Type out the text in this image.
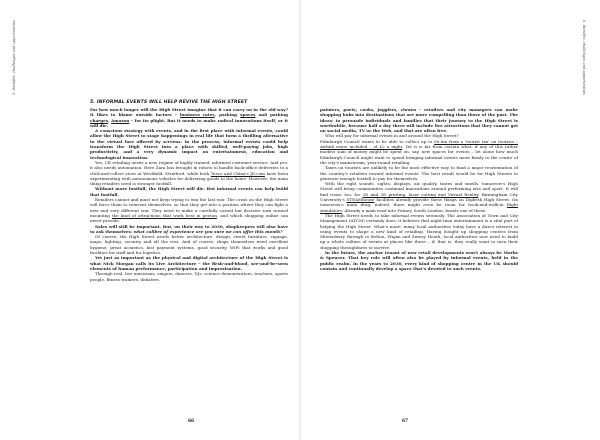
6. Benefits, challenges and opportunities	6. Benefits, challenges and opportunities
5. INFORMAL EVENTS WILL HELP REVIVE THE HIGH STREET

For how much longer will the High Street imagine that it can carry on in the old way? It likes to blame outside factors – business rates, parking spaces and parking charges, Amazon – for its plight. But it needs to make radical innovations itself, or it will die.

A conscious strategy with events, and in the first place with informal events, could allow the High Street to stage happenings in real life that form a thrilling alternative to the virtual fare offered by screens. In the process, informal events could help transform the High Street into a place with skilled, well-paying jobs, high productivity, and a very dynamic impact on entertainment, education and technological innovation.

Yes, UK retailing needs a new regime of highly trained, informed customer service. And yes, it also needs automation. Here Zara has brought in robots to handle back-office deliveries to a click-and-collect store at Westfield, Stratford, while both Tesco and China's JD.com have been experimenting with autonomous vehicles for delivering goods to the home. However, the main thing retailers need is stronger footfall.

Without more footfall, the High Street will die. But informal events can help build that footfall.

Retailers cannot and must not keep trying to win the last war. The crisis on the High Street will force them to reinvent themselves, so that they get into a position where they can fight a new and very different war. They need to make a carefully costed but decisive turn toward mounting the kind of attractions that work best in person, and which shopping online can never provide.

Sales will still be important. But, on their way to 2030, shopkeepers will also have to ask themselves: what calibre of experience are you sure we can offer this month?

Of course, the High Street needs better architecture, design, street furniture, signage, maps, lighting, security and all the rest. And of course, shops themselves need excellent hygiene, great acoustics, fast payment systems, good security, WiFi that works and good facilities for staff and for logistics.

Yet just as important as the physical and digital architecture of the High Street is what Nick Morgan calls its Live Architecture – the flesh-and-blood, see-and-be-seen elements of human performance, participation and improvisation.

Through real, live musicians, singers, dancers, DJs, science demonstrators, teachers, sports people, fitness trainers, debaters,

66

painters, poets, cooks, jugglers, clowns – retailers and city managers can make shopping hubs into destinations that are more compelling than those of the past. The ideas: to persuade individuals and families that their journey to the High Street is worthwhile, because half a day there will include live attractions that they cannot get on social media, TV or the Web, and that are often free.

Who will pay for informal events in and around the High Street?

Edinburgh Council wants to be able to collect up to £6.6m from a 'tourist tax' on tourists – Airbnb users included – of £2 a night. Yet it is far from certain what, if any of this rather modest sum of money might be spent on, say, new spaces for events – let alone how much Edinburgh Council might want to spend bringing informal events more firmly to the centre of the city's mainstream, year-round retailing.

Taxes on tourists are unlikely to be the most effective way to fund a major reorientation of the country's retailers toward informal events. The best result would be for High Streets to generate enough footfall to pay for themselves.

With the right sounds, sights, displays, air quality, tastes and smells, tomorrow's High Street will bring communities continual innovations around performing arts and sport. It will find room, too, for 3D and 3D printing, laser cutting and Virtual Reality. Birmingham City University's STEAMhouse facilities already provide these things on Digbeth High Street. On tomorrow's main drag, indeed, there might even be room for book-and-walk-in flight simulators. Already a main road into Putney, South London, boasts one of these.

The High Street needs to take informal events seriously. The Association of Town and City Management (ATCM) certainly does: it believes that night-time entertainment is a vital part of helping the High Street. What's more, many local authorities today have a direct interest in using events to shape a new kind of retailing. Having bought up shopping centres from Shrewsbury through to Bolton, Wigan and Surrey Heath, local authorities now need to build up a whole culture of events at places like these – if, that is, they really want to turn their shopping throughfares to survive.

In the future, the anchor tenant of new retail developments won't always be Marks & Spencer. That key role will often also be played by informal events, held in the public realm. In the years to 2030, every kind of shopping centre in the UK should contain and continually develop a space that's devoted to such events.

67
